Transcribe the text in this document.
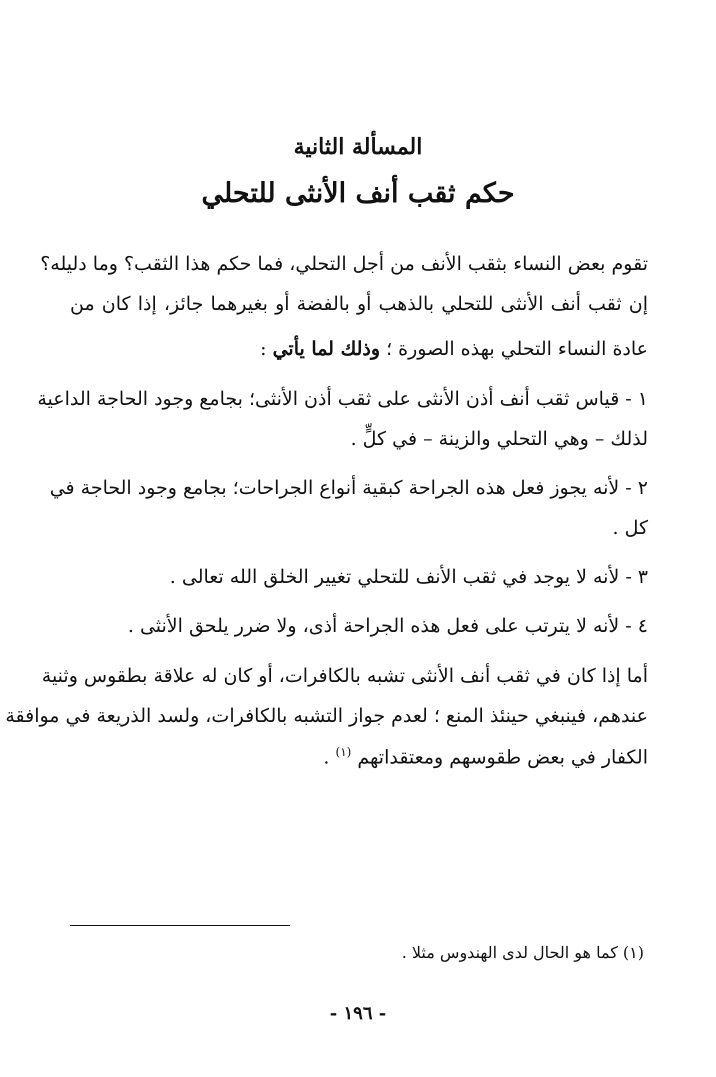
المسألة الثانية
حكم ثقب أنف الأنثى للتحلي
تقوم بعض النساء بثقب الأنف من أجل التحلي، فما حكم هذا الثقب؟ وما دليله؟
إن ثقب أنف الأنثى للتحلي بالذهب أو بالفضة أو بغيرهما جائز، إذا كان من
عادة النساء التحلي بهذه الصورة ؛ وذلك لما يأتي :
١ - قياس ثقب أنف أذن الأنثى على ثقب أذن الأنثى؛ بجامع وجود الحاجة الداعية
لذلك – وهي التحلي والزينة – في كلٍّ .
٢ - لأنه يجوز فعل هذه الجراحة كبقية أنواع الجراحات؛ بجامع وجود الحاجة في
كل .
٣ - لأنه لا يوجد في ثقب الأنف للتحلي تغيير الخلق الله تعالى .
٤ - لأنه لا يترتب على فعل هذه الجراحة أذى، ولا ضرر يلحق الأنثى .
أما إذا كان في ثقب أنف الأنثى تشبه بالكافرات، أو كان له علاقة بطقوس وثنية
عندهم، فينبغي حينئذ المنع ؛ لعدم جواز التشبه بالكافرات، ولسد الذريعة في موافقة
الكفار في بعض طقوسهم ومعتقداتهم $^{(١)}$ .
(١) كما هو الحال لدى الهندوس مثلا .
- ١٩٦ -
